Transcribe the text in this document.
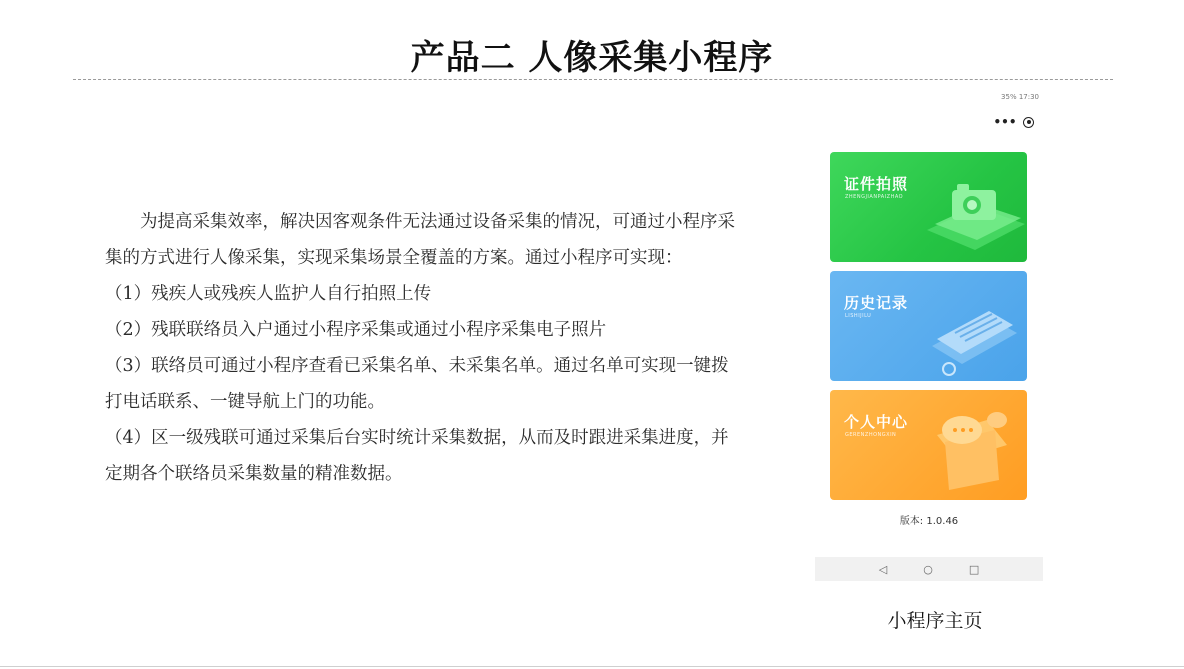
产品二 人像采集小程序

为提高采集效率，解决因客观条件无法通过设备采集的情况，可通过小程序采集的方式进行人像采集，实现采集场景全覆盖的方案。通过小程序可实现：

（1）残疾人或残疾人监护人自行拍照上传

（2）残联联络员入户通过小程序采集或通过小程序采集电子照片

（3）联络员可通过小程序查看已采集名单、未采集名单。通过名单可实现一键拨打电话联系、一键导航上门的功能。

（4）区一级残联可通过采集后台实时统计采集数据，从而及时跟进采集进度，并定期各个联络员采集数量的精准数据。

35% 17:30
•••
证件拍照
ZHENGJIANPAIZHAO
历史记录
LISHIJILU
个人中心
GERENZHONGXIN
版本: 1.0.46
◁	○	□
小程序主页
